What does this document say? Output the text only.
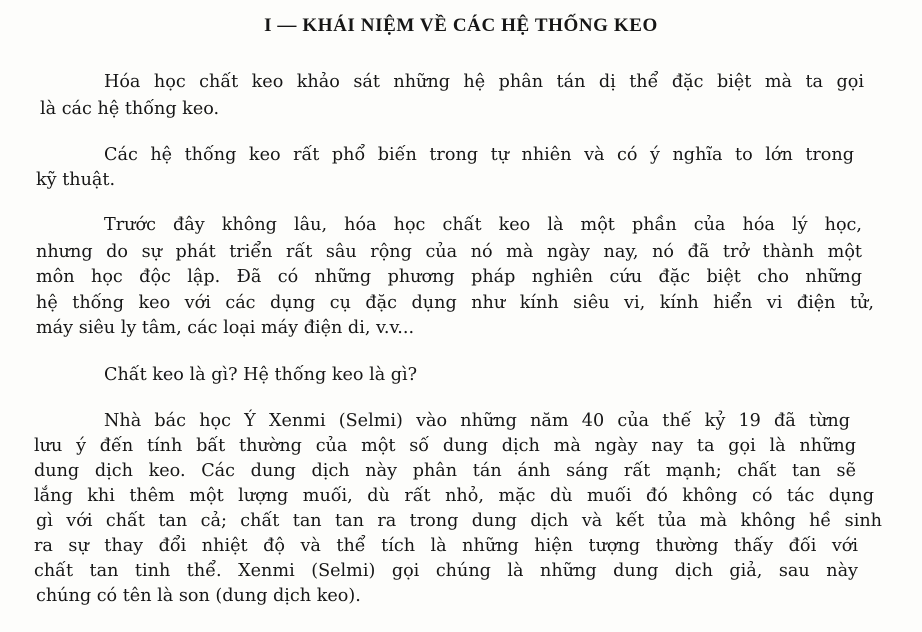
I — KHÁI NIỆM VỀ CÁC HỆ THỐNG KEO
Hóa học chất keo khảo sát những hệ phân tán dị thể đặc biệt mà ta gọi
là các hệ thống keo.
Các hệ thống keo rất phổ biến trong tự nhiên và có ý nghĩa to lớn trong
kỹ thuật.
Trước đây không lâu, hóa học chất keo là một phần của hóa lý học,
nhưng do sự phát triển rất sâu rộng của nó mà ngày nay, nó đã trở thành một
môn học độc lập. Đã có những phương pháp nghiên cứu đặc biệt cho những
hệ thống keo với các dụng cụ đặc dụng như kính siêu vi, kính hiển vi điện tử,
máy siêu ly tâm, các loại máy điện di, v.v...
Chất keo là gì? Hệ thống keo là gì?
Nhà bác học Ý Xenmi (Selmi) vào những năm 40 của thế kỷ 19 đã từng
lưu ý đến tính bất thường của một số dung dịch mà ngày nay ta gọi là những
dung dịch keo. Các dung dịch này phân tán ánh sáng rất mạnh; chất tan sẽ
lắng khi thêm một lượng muối, dù rất nhỏ, mặc dù muối đó không có tác dụng
gì với chất tan cả; chất tan tan ra trong dung dịch và kết tủa mà không hề sinh
ra sự thay đổi nhiệt độ và thể tích là những hiện tượng thường thấy đối với
chất tan tinh thể. Xenmi (Selmi) gọi chúng là những dung dịch giả, sau này
chúng có tên là son (dung dịch keo).
